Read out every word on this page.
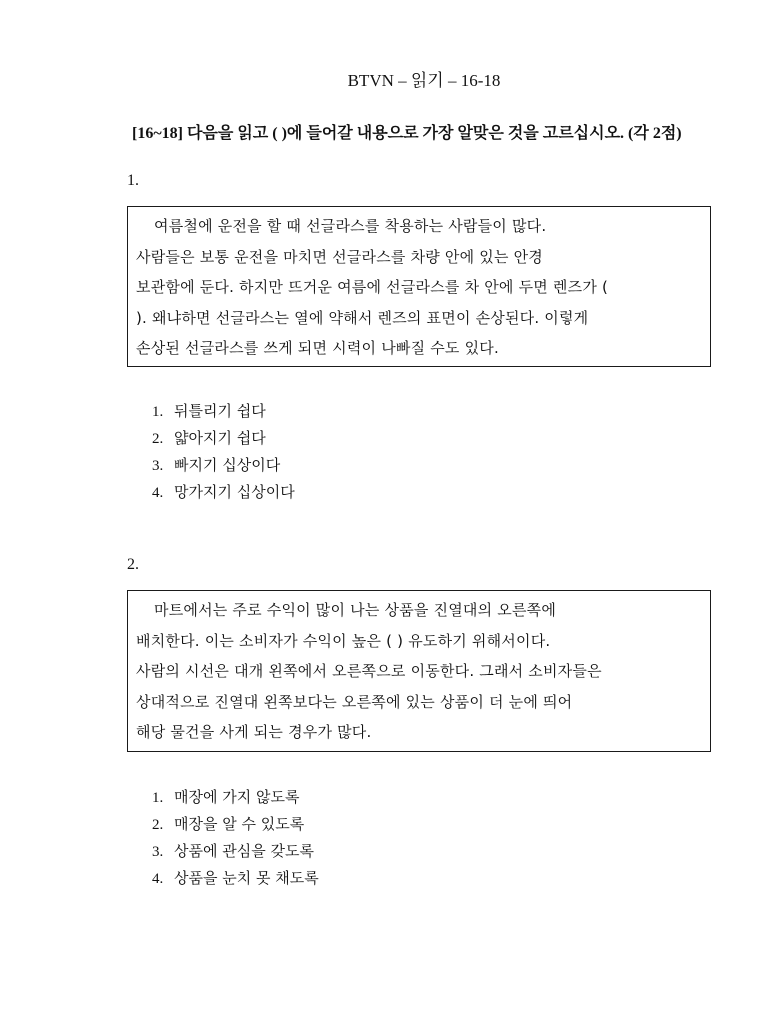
BTVN – 읽기 – 16-18
[16~18] 다음을 읽고 ( )에 들어갈 내용으로 가장 알맞은 것을 고르십시오. (각 2점)
1.
여름철에 운전을 할 때 선글라스를 착용하는 사람들이 많다.
사람들은 보통 운전을 마치면 선글라스를 차량 안에 있는 안경
보관함에 둔다. 하지만 뜨거운 여름에 선글라스를 차 안에 두면 렌즈가 (
). 왜냐하면 선글라스는 열에 약해서 렌즈의 표면이 손상된다. 이렇게
손상된 선글라스를 쓰게 되면 시력이 나빠질 수도 있다.
1. 뒤틀리기 쉽다
2. 얇아지기 쉽다
3. 빠지기 십상이다
4. 망가지기 십상이다
2.
마트에서는 주로 수익이 많이 나는 상품을 진열대의 오른쪽에
배치한다. 이는 소비자가 수익이 높은 ( ) 유도하기 위해서이다.
사람의 시선은 대개 왼쪽에서 오른쪽으로 이동한다. 그래서 소비자들은
상대적으로 진열대 왼쪽보다는 오른쪽에 있는 상품이 더 눈에 띄어
해당 물건을 사게 되는 경우가 많다.
1. 매장에 가지 않도록
2. 매장을 알 수 있도록
3. 상품에 관심을 갖도록
4. 상품을 눈치 못 채도록
